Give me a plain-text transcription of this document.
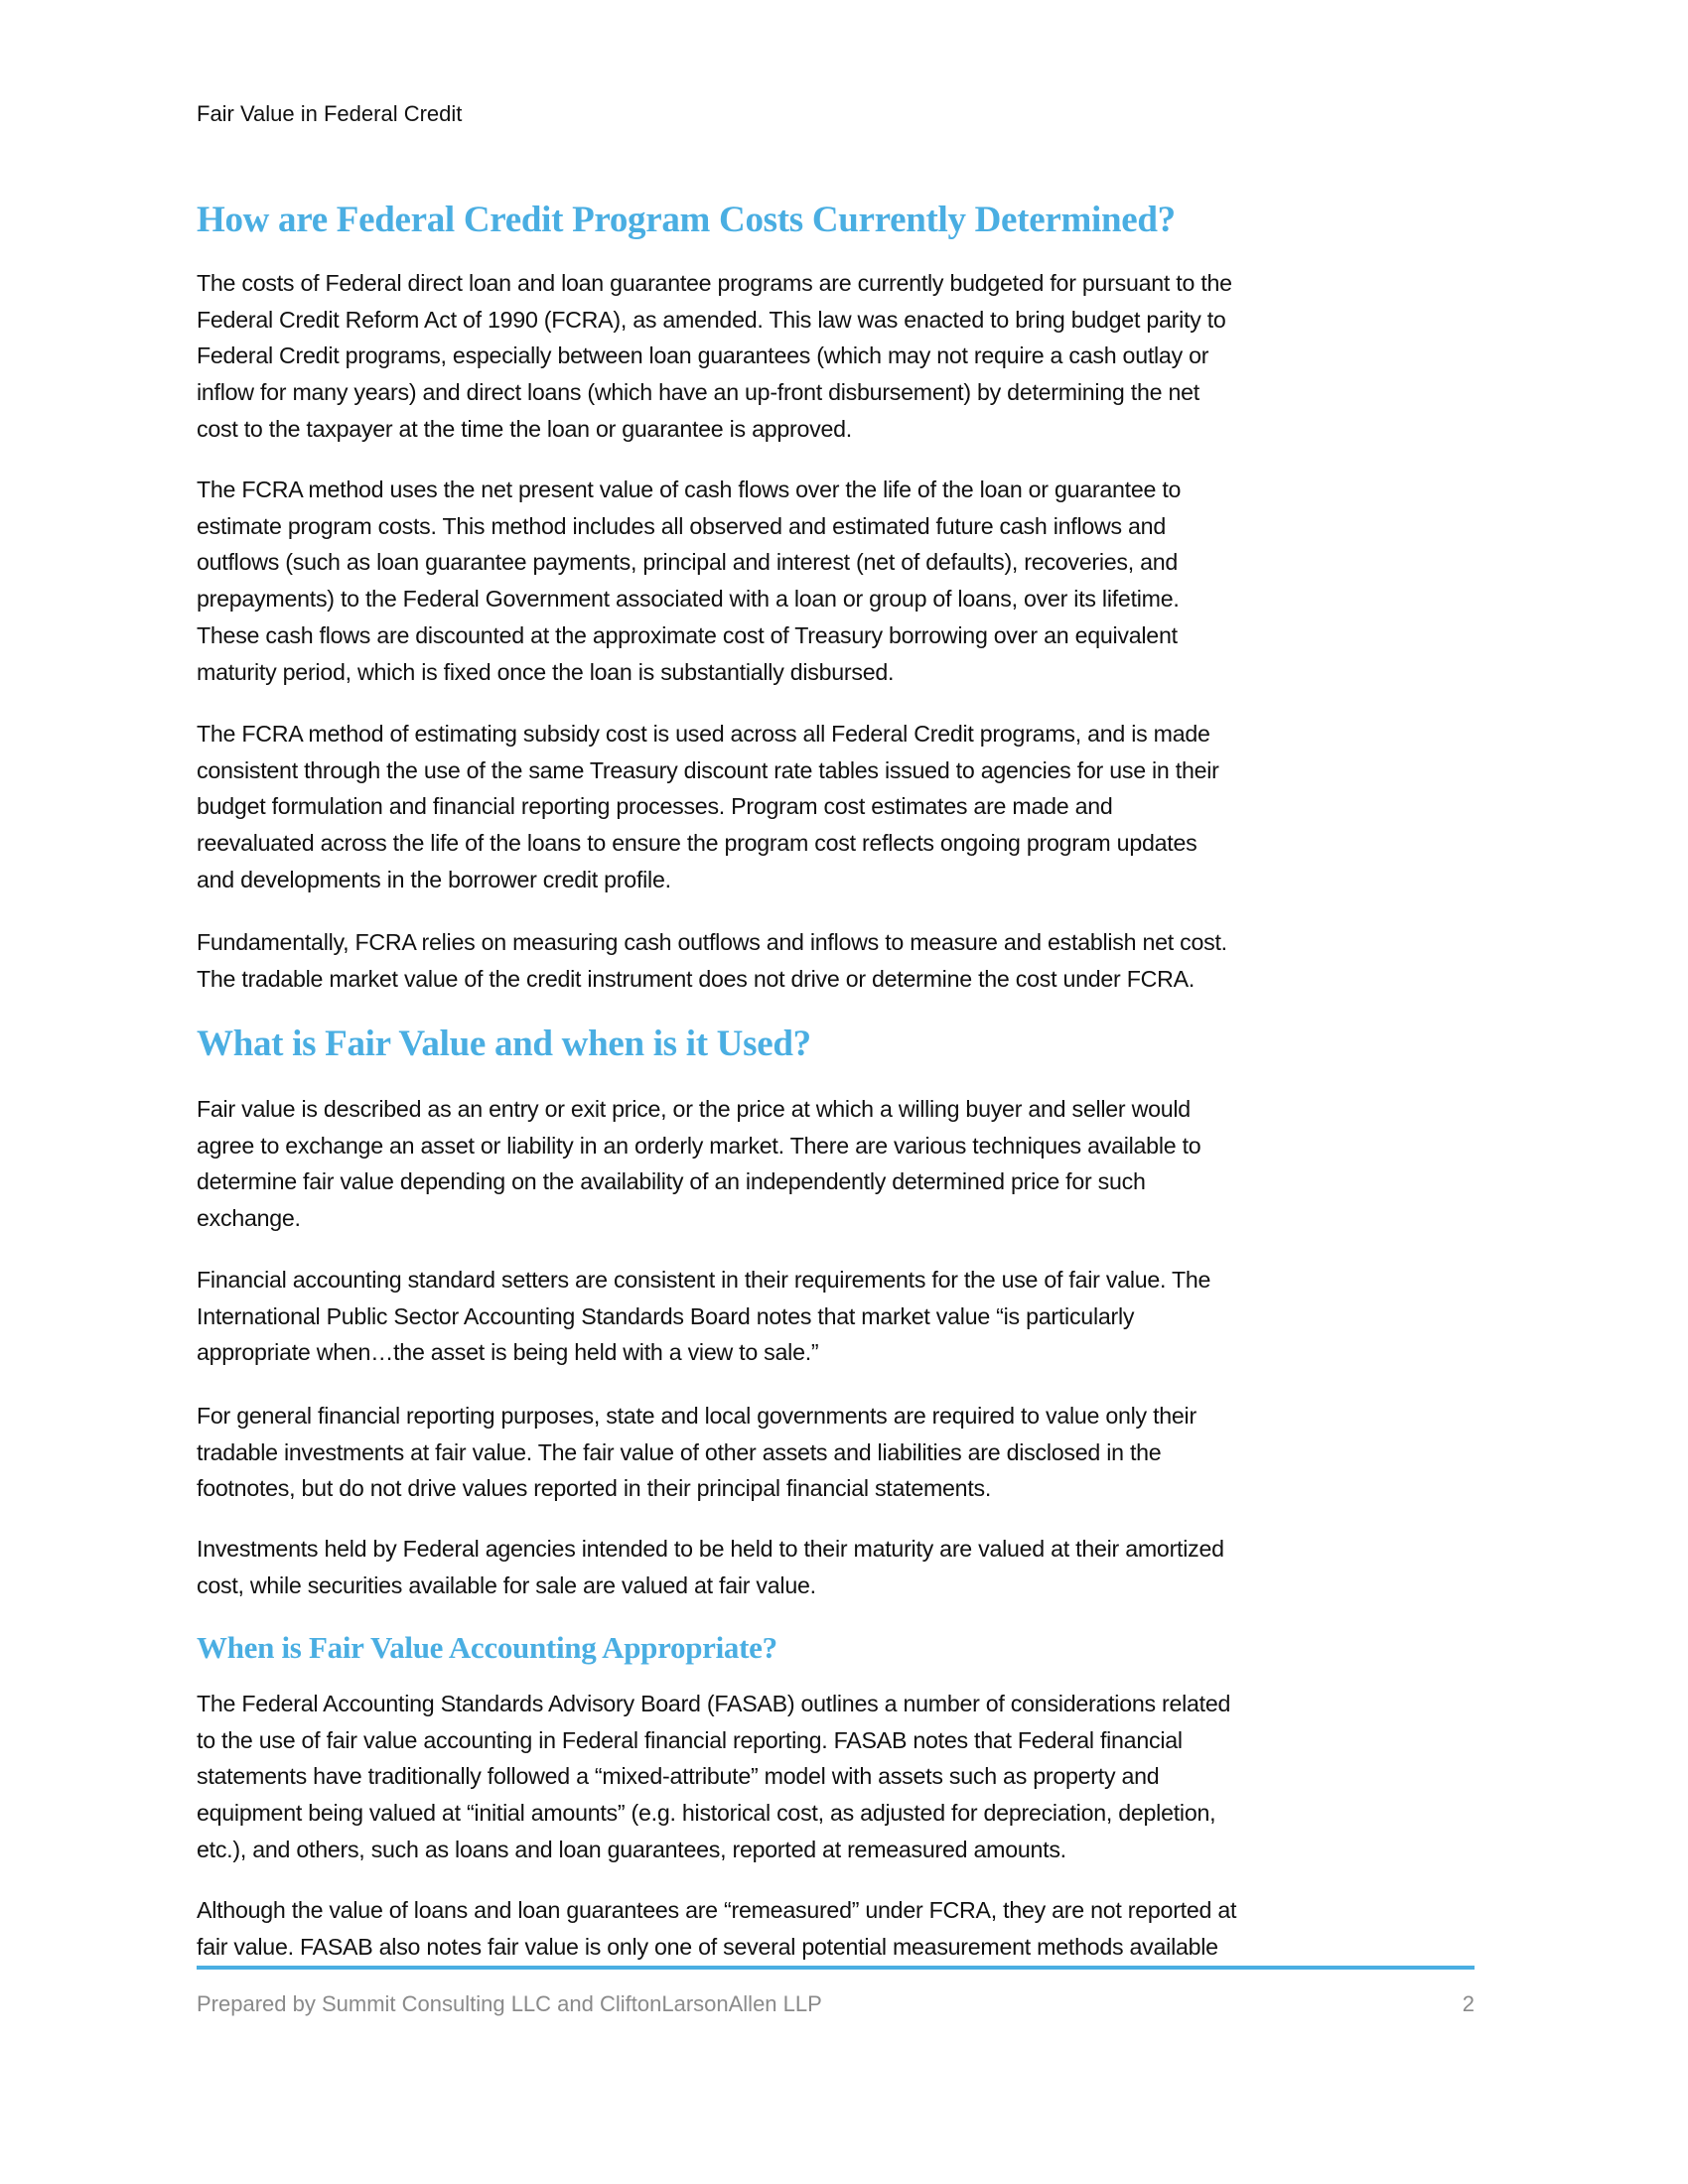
Fair Value in Federal Credit
How are Federal Credit Program Costs Currently Determined?
The costs of Federal direct loan and loan guarantee programs are currently budgeted for pursuant to the
Federal Credit Reform Act of 1990 (FCRA), as amended. This law was enacted to bring budget parity to
Federal Credit programs, especially between loan guarantees (which may not require a cash outlay or
inflow for many years) and direct loans (which have an up-front disbursement) by determining the net
cost to the taxpayer at the time the loan or guarantee is approved.
The FCRA method uses the net present value of cash flows over the life of the loan or guarantee to
estimate program costs. This method includes all observed and estimated future cash inflows and
outflows (such as loan guarantee payments, principal and interest (net of defaults), recoveries, and
prepayments) to the Federal Government associated with a loan or group of loans, over its lifetime.
These cash flows are discounted at the approximate cost of Treasury borrowing over an equivalent
maturity period, which is fixed once the loan is substantially disbursed.
The FCRA method of estimating subsidy cost is used across all Federal Credit programs, and is made
consistent through the use of the same Treasury discount rate tables issued to agencies for use in their
budget formulation and financial reporting processes. Program cost estimates are made and
reevaluated across the life of the loans to ensure the program cost reflects ongoing program updates
and developments in the borrower credit profile.
Fundamentally, FCRA relies on measuring cash outflows and inflows to measure and establish net cost.
The tradable market value of the credit instrument does not drive or determine the cost under FCRA.
What is Fair Value and when is it Used?
Fair value is described as an entry or exit price, or the price at which a willing buyer and seller would
agree to exchange an asset or liability in an orderly market. There are various techniques available to
determine fair value depending on the availability of an independently determined price for such
exchange.
Financial accounting standard setters are consistent in their requirements for the use of fair value. The
International Public Sector Accounting Standards Board notes that market value “is particularly
appropriate when…the asset is being held with a view to sale.”
For general financial reporting purposes, state and local governments are required to value only their
tradable investments at fair value. The fair value of other assets and liabilities are disclosed in the
footnotes, but do not drive values reported in their principal financial statements.
Investments held by Federal agencies intended to be held to their maturity are valued at their amortized
cost, while securities available for sale are valued at fair value.
When is Fair Value Accounting Appropriate?
The Federal Accounting Standards Advisory Board (FASAB) outlines a number of considerations related
to the use of fair value accounting in Federal financial reporting. FASAB notes that Federal financial
statements have traditionally followed a “mixed-attribute” model with assets such as property and
equipment being valued at “initial amounts” (e.g. historical cost, as adjusted for depreciation, depletion,
etc.), and others, such as loans and loan guarantees, reported at remeasured amounts.
Although the value of loans and loan guarantees are “remeasured” under FCRA, they are not reported at
fair value. FASAB also notes fair value is only one of several potential measurement methods available
Prepared by Summit Consulting LLC and CliftonLarsonAllen LLP	2
